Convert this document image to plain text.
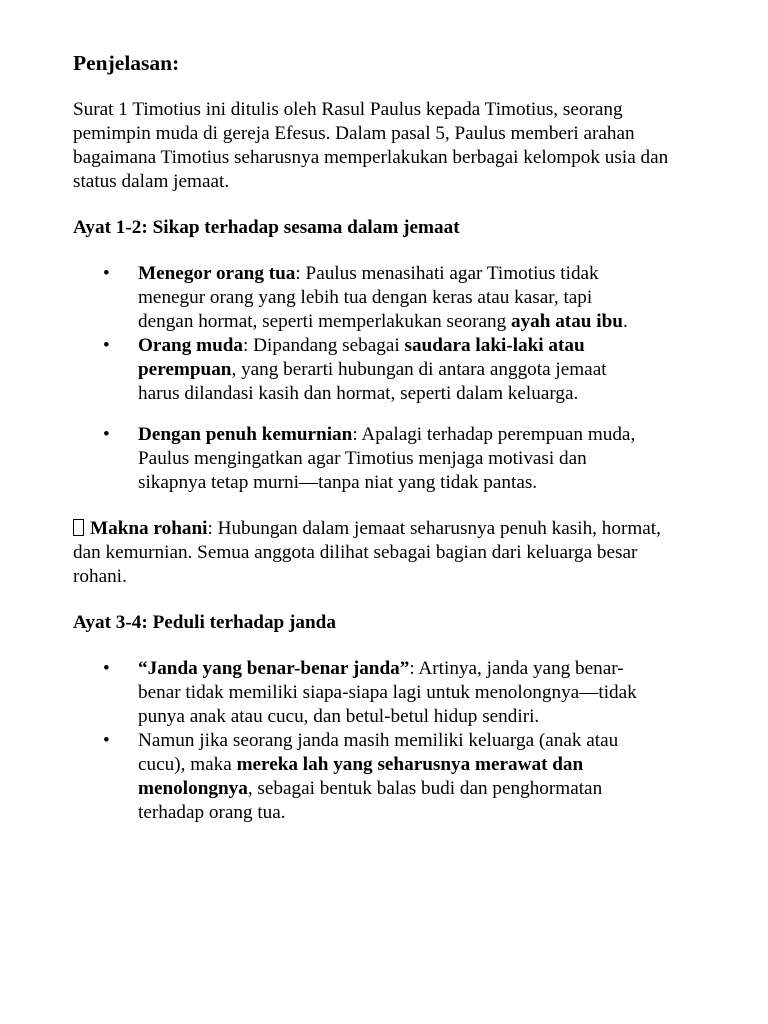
Penjelasan:

Surat 1 Timotius ini ditulis oleh Rasul Paulus kepada Timotius, seorang pemimpin muda di gereja Efesus. Dalam pasal 5, Paulus memberi arahan bagaimana Timotius seharusnya memperlakukan berbagai kelompok usia dan status dalam jemaat.

Ayat 1-2: Sikap terhadap sesama dalam jemaat

• Menegor orang tua: Paulus menasihati agar Timotius tidak menegur orang yang lebih tua dengan keras atau kasar, tapi dengan hormat, seperti memperlakukan seorang ayah atau ibu.
• Orang muda: Dipandang sebagai saudara laki-laki atau perempuan, yang berarti hubungan di antara anggota jemaat harus dilandasi kasih dan hormat, seperti dalam keluarga.
• Dengan penuh kemurnian: Apalagi terhadap perempuan muda, Paulus mengingatkan agar Timotius menjaga motivasi dan sikapnya tetap murni—tanpa niat yang tidak pantas.

Makna rohani: Hubungan dalam jemaat seharusnya penuh kasih, hormat, dan kemurnian. Semua anggota dilihat sebagai bagian dari keluarga besar rohani.

Ayat 3-4: Peduli terhadap janda

• “Janda yang benar-benar janda”: Artinya, janda yang benar-benar tidak memiliki siapa-siapa lagi untuk menolongnya—tidak punya anak atau cucu, dan betul-betul hidup sendiri.
• Namun jika seorang janda masih memiliki keluarga (anak atau cucu), maka mereka lah yang seharusnya merawat dan menolongnya, sebagai bentuk balas budi dan penghormatan terhadap orang tua.
